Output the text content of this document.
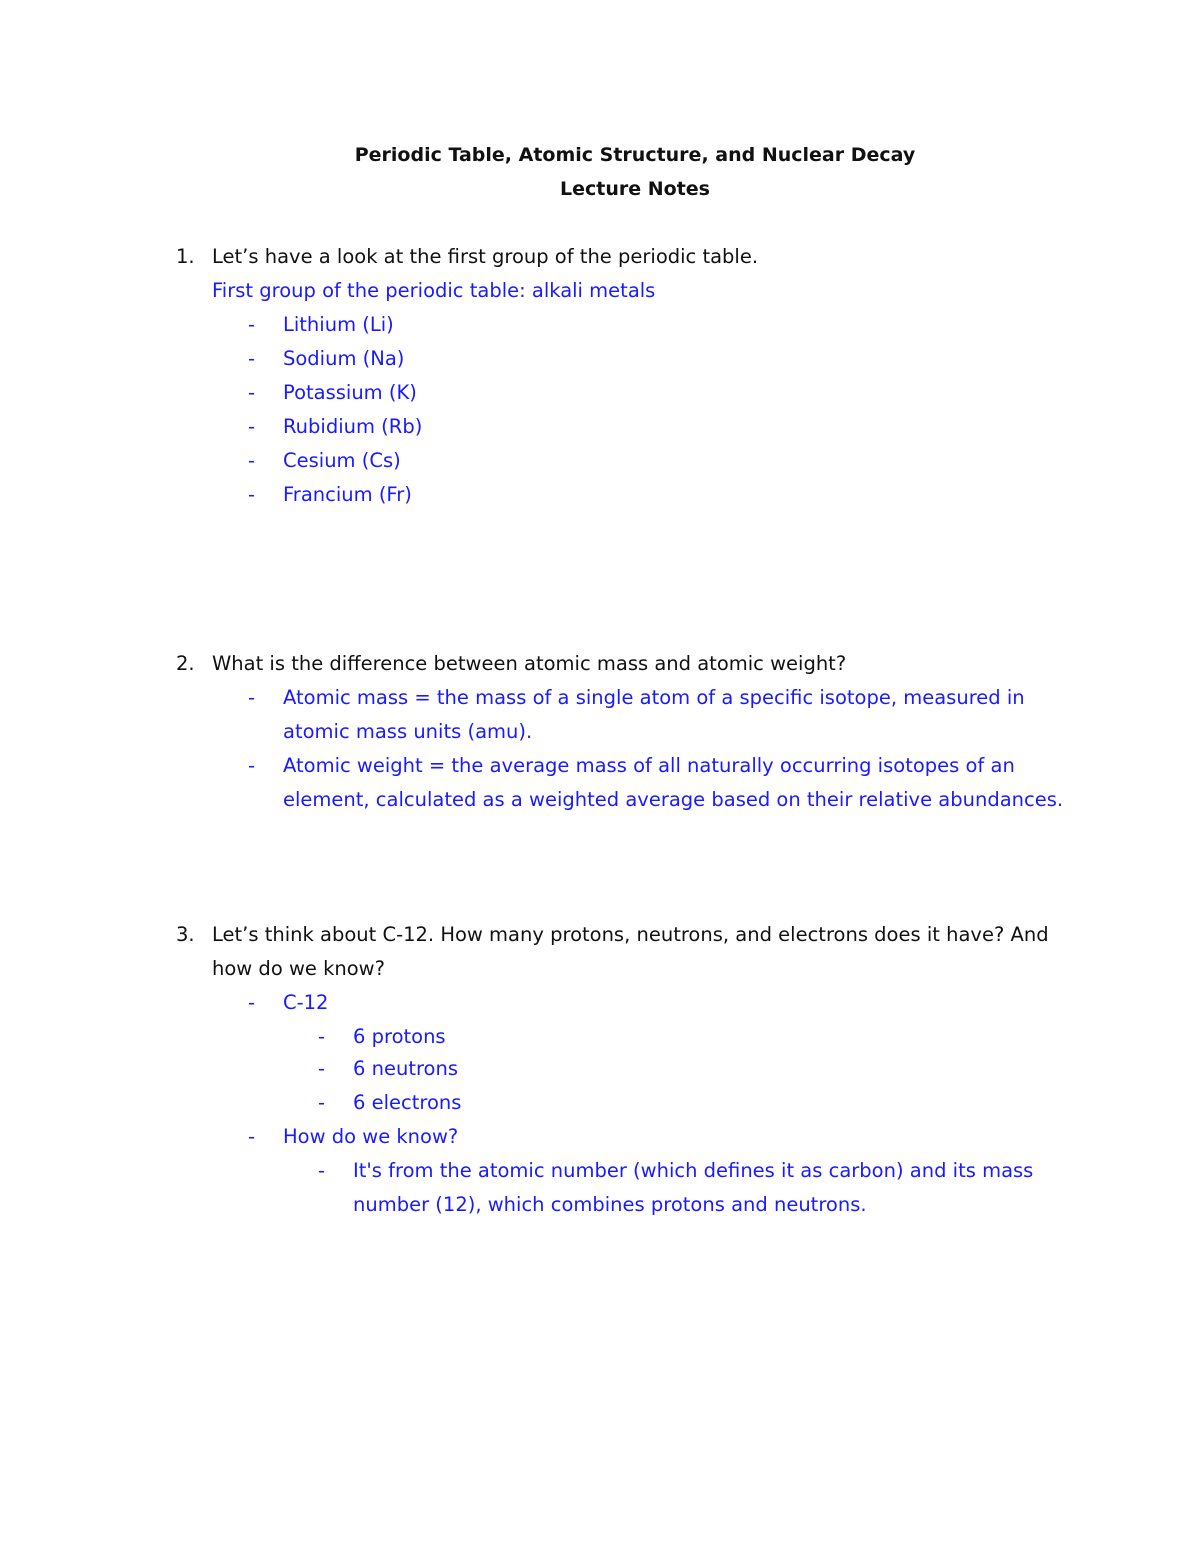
Periodic Table, Atomic Structure, and Nuclear Decay
Lecture Notes
1. Let’s have a look at the first group of the periodic table.
First group of the periodic table: alkali metals
- Lithium (Li)
- Sodium (Na)
- Potassium (K)
- Rubidium (Rb)
- Cesium (Cs)
- Francium (Fr)
2. What is the difference between atomic mass and atomic weight?
- Atomic mass = the mass of a single atom of a specific isotope, measured in
atomic mass units (amu).
- Atomic weight = the average mass of all naturally occurring isotopes of an
element, calculated as a weighted average based on their relative abundances.
3. Let’s think about C-12. How many protons, neutrons, and electrons does it have? And
how do we know?
- C-12
- 6 protons
- 6 neutrons
- 6 electrons
- How do we know?
- It's from the atomic number (which defines it as carbon) and its mass
number (12), which combines protons and neutrons.
